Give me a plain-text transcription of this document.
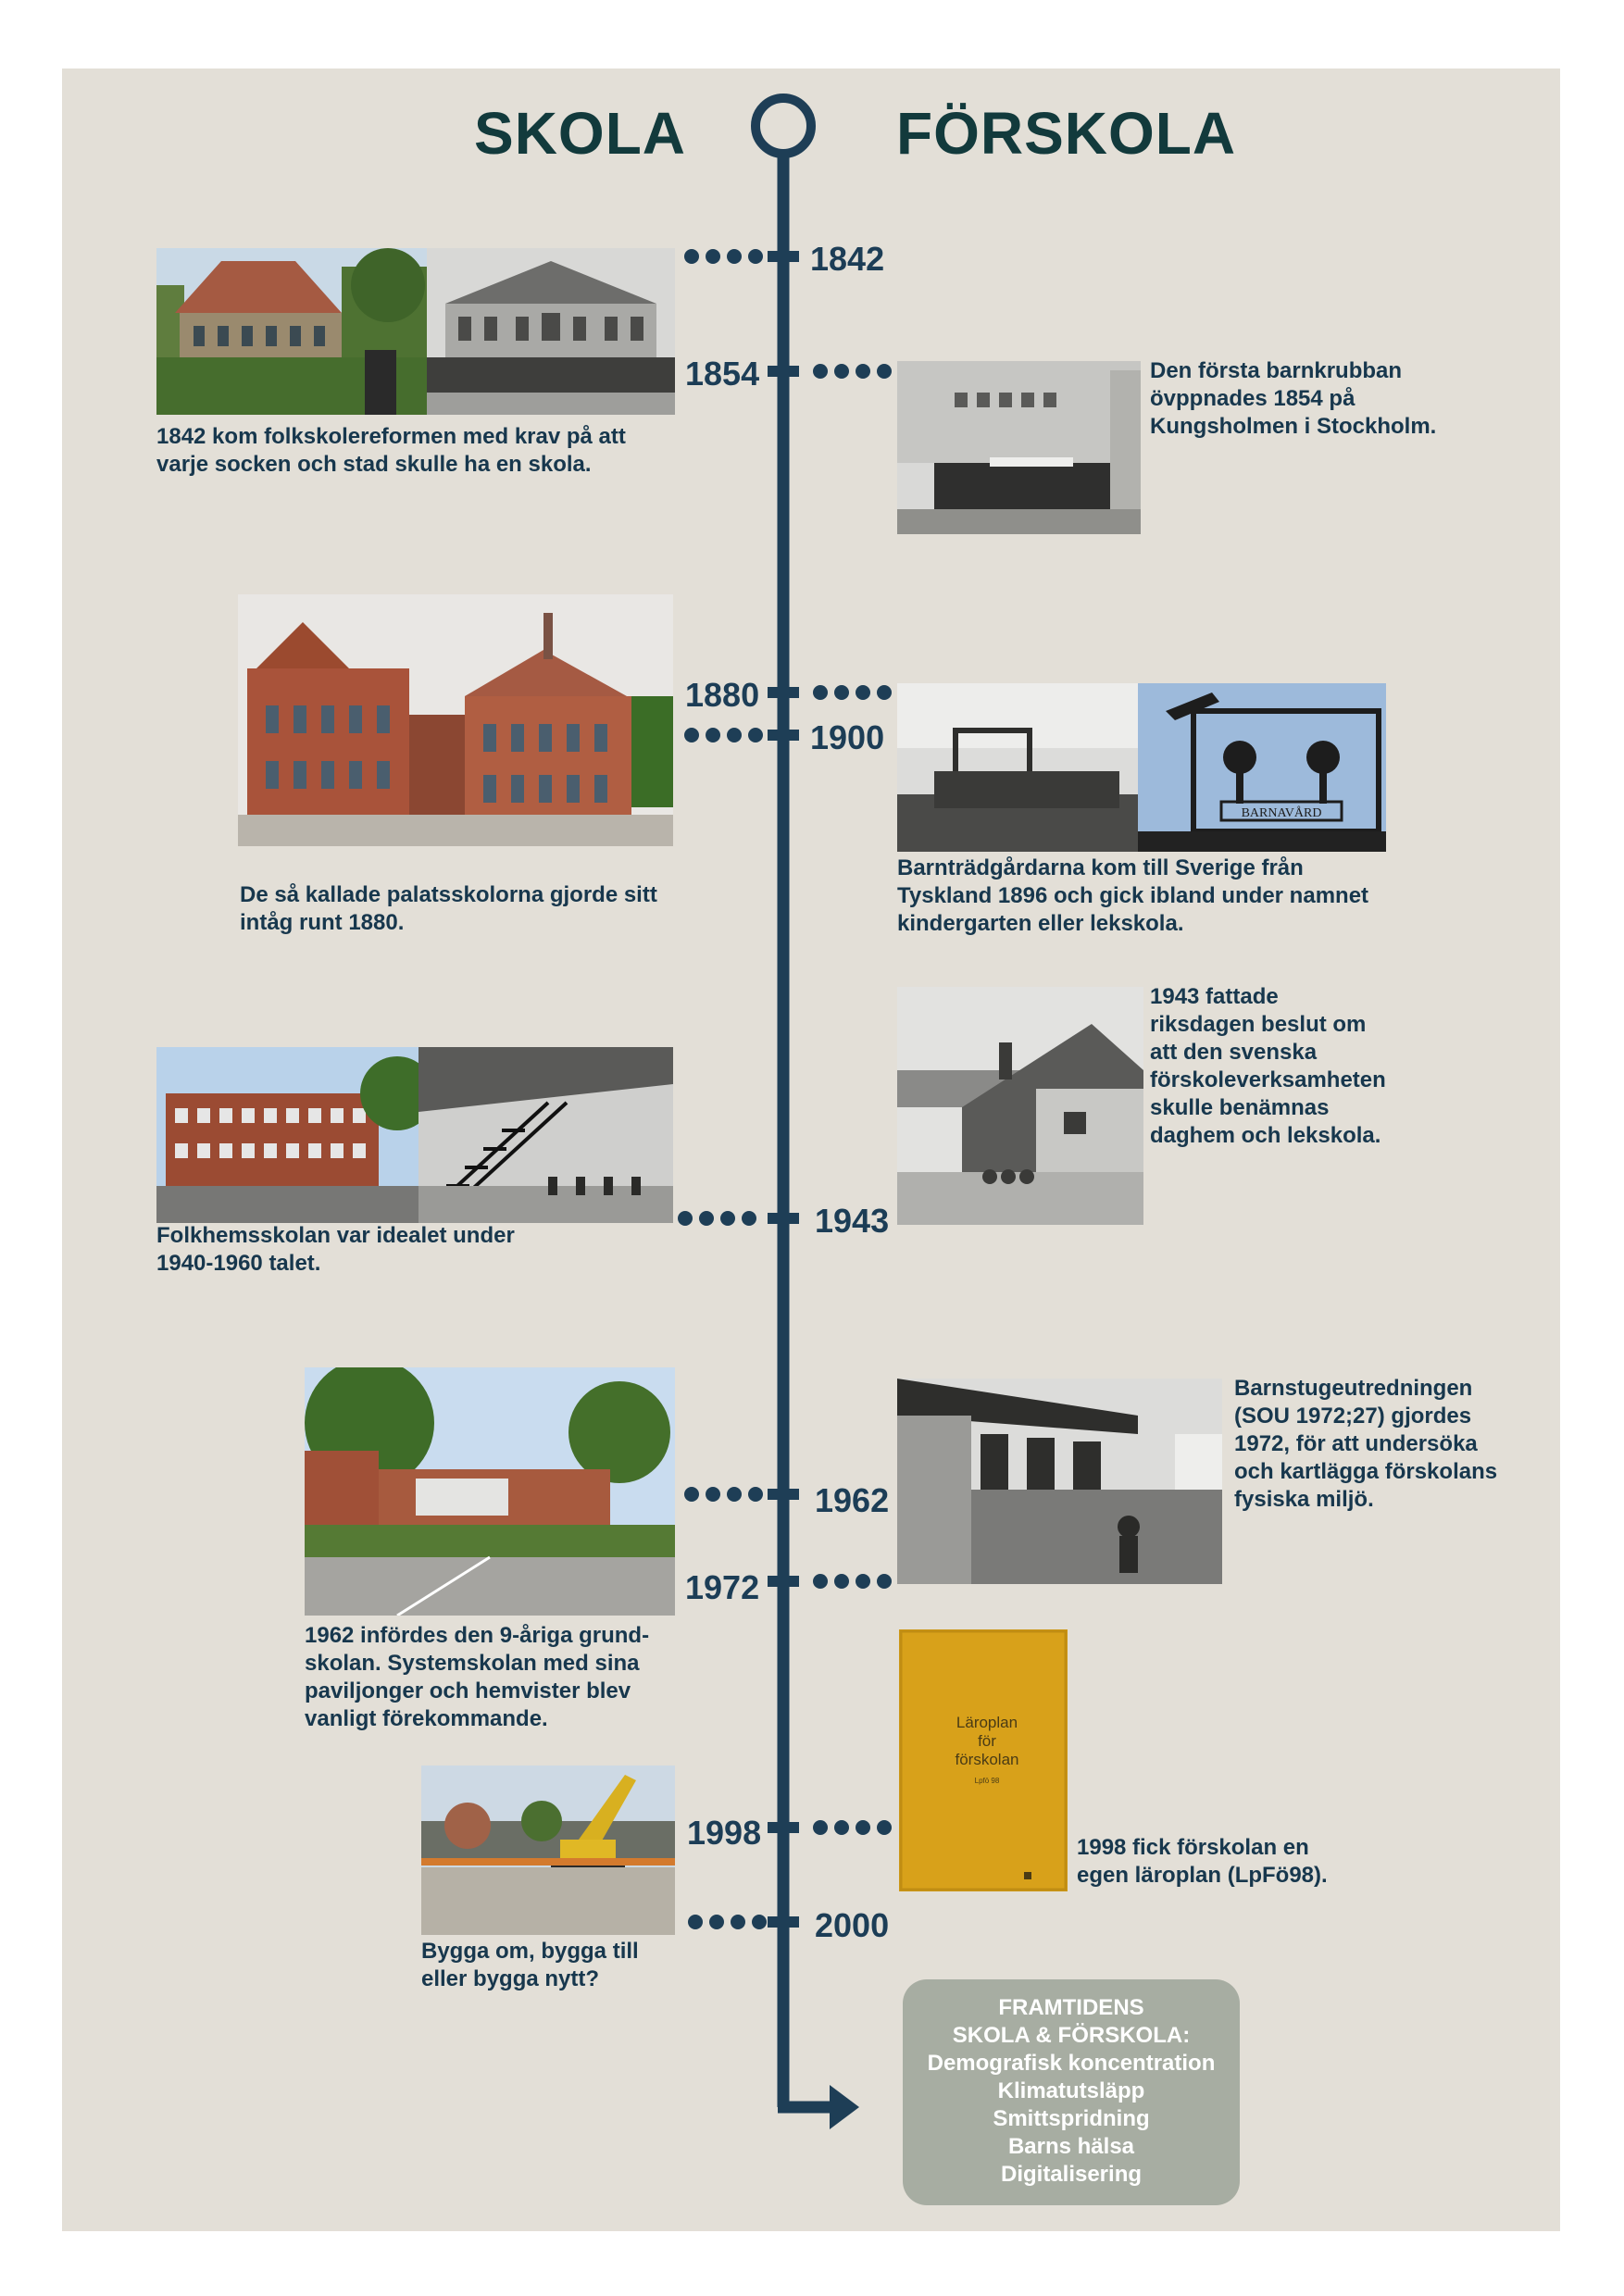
SKOLA	FÖRSKOLA
1842
1854
1880
1900
1943
1962
1972
1998
2000
1842 kom folkskolereformen med krav på att
varje socken och stad skulle ha en skola.
Den första barnkrubban
övppnades 1854 på
Kungsholmen i Stockholm.
De så kallade palatsskolorna gjorde sitt
intåg runt 1880.
BARNAVÅRD
Barnträdgårdarna kom till Sverige från
Tyskland 1896 och gick ibland under namnet
kindergarten eller lekskola.
Folkhemsskolan var idealet under
1940-1960 talet.
1943 fattade
riksdagen beslut om
att den svenska
förskoleverksamheten
skulle benämnas
daghem och lekskola.
1962 infördes den 9-åriga grund-
skolan. Systemskolan med sina
paviljonger och hemvister blev
vanligt förekommande.
Barnstugeutredningen
(SOU 1972;27) gjordes
1972, för att undersöka
och kartlägga förskolans
fysiska miljö.
Läroplan
för
förskolan
Lpfö 98
1998 fick förskolan en
egen läroplan (LpFö98).
Bygga om, bygga till
eller bygga nytt?
FRAMTIDENS
SKOLA & FÖRSKOLA:
Demografisk koncentration
Klimatutsläpp
Smittspridning
Barns hälsa
Digitalisering
